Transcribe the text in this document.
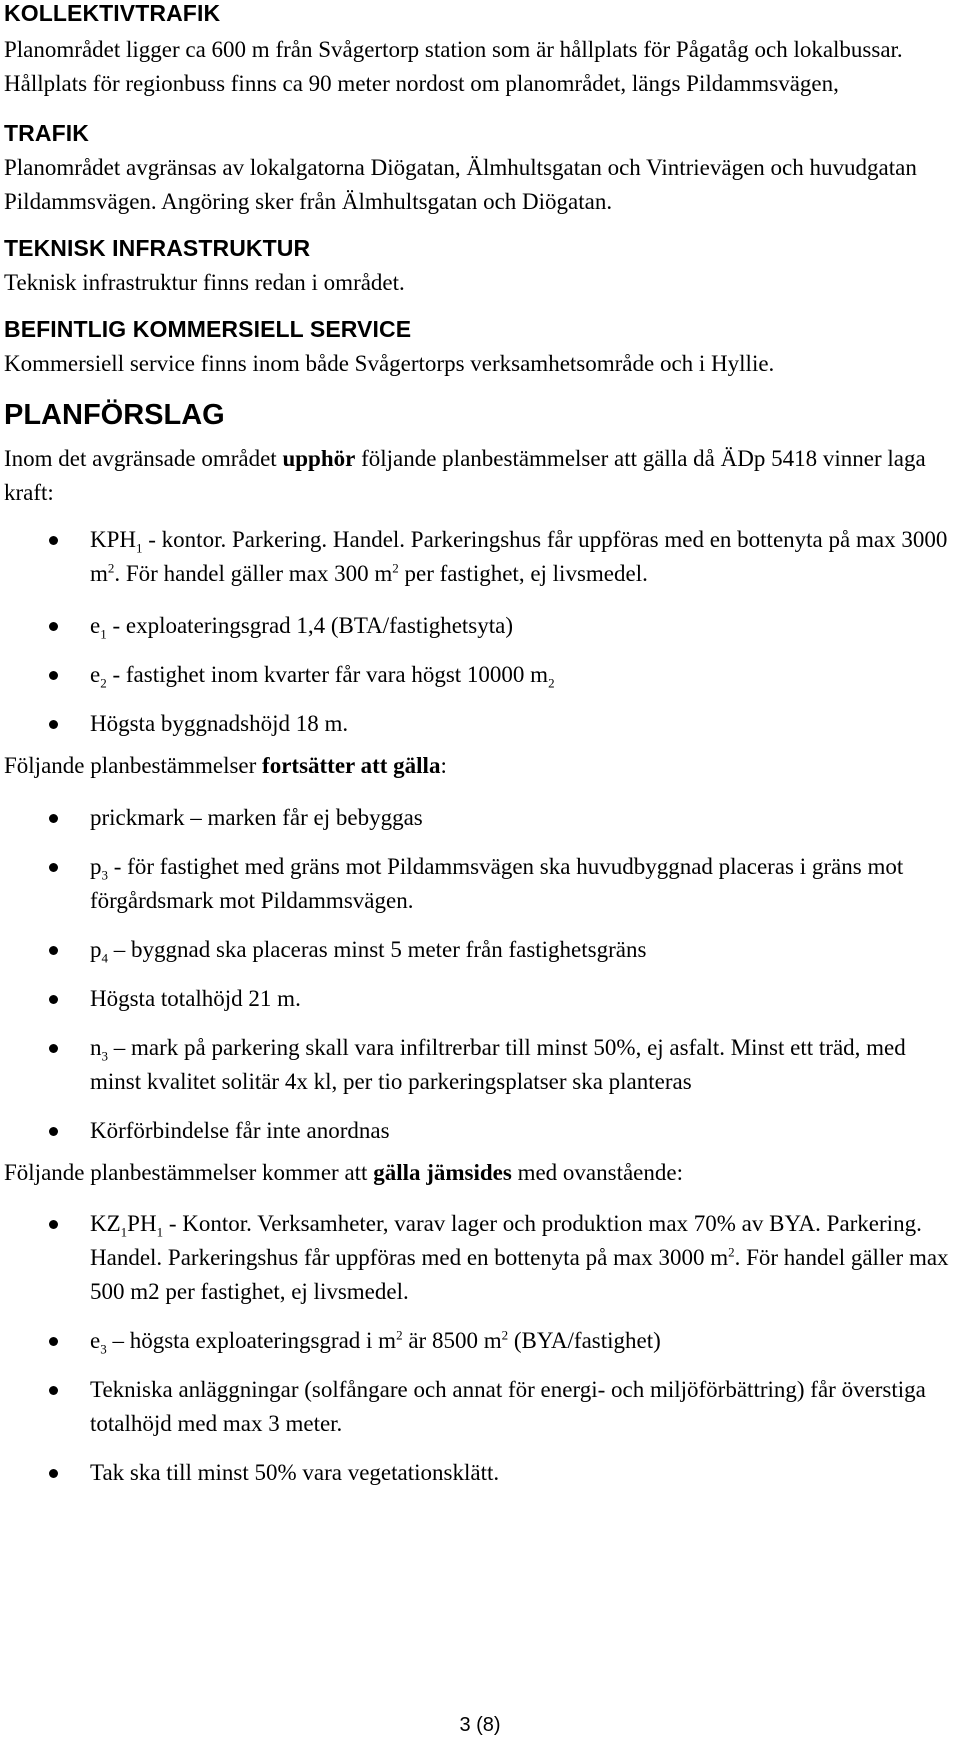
KOLLEKTIVTRAFIK

Planområdet ligger ca 600 m från Svågertorp station som är hållplats för Pågatåg och lokalbussar. Hållplats för regionbuss finns ca 90 meter nordost om planområdet, längs Pildammsvägen,

TRAFIK

Planområdet avgränsas av lokalgatorna Diögatan, Älmhultsgatan och Vintrievägen och huvudgatan Pildammsvägen. Angöring sker från Älmhultsgatan och Diögatan.

TEKNISK INFRASTRUKTUR

Teknisk infrastruktur finns redan i området.

BEFINTLIG KOMMERSIELL SERVICE

Kommersiell service finns inom både Svågertorps verksamhetsområde och i Hyllie.

PLANFÖRSLAG

Inom det avgränsade området upphör följande planbestämmelser att gälla då ÄDp 5418 vinner laga kraft:

$KPH_1$ - kontor. Parkering. Handel. Parkeringshus får uppföras med en bottenyta på max 3000 $m^2$. För handel gäller max 300 $m^2$ per fastighet, ej livsmedel.
$e_1$ - exploateringsgrad 1,4 (BTA/fastighetsyta)
$e_2$ - fastighet inom kvarter får vara högst 10000 $m_2$
Högsta byggnadshöjd 18 m.

Följande planbestämmelser fortsätter att gälla:

prickmark – marken får ej bebyggas
$p_3$ - för fastighet med gräns mot Pildammsvägen ska huvudbyggnad placeras i gräns mot förgårdsmark mot Pildammsvägen.
$p_4$ – byggnad ska placeras minst 5 meter från fastighetsgräns
Högsta totalhöjd 21 m.
$n_3$ – mark på parkering skall vara infiltrerbar till minst 50%, ej asfalt. Minst ett träd, med minst kvalitet solitär 4x kl, per tio parkeringsplatser ska planteras
Körförbindelse får inte anordnas

Följande planbestämmelser kommer att gälla jämsides med ovanstående:

$KZ_1PH_1$ - Kontor. Verksamheter, varav lager och produktion max 70% av BYA. Parkering. Handel. Parkeringshus får uppföras med en bottenyta på max 3000 $m^2$. För handel gäller max 500 m2 per fastighet, ej livsmedel.
$e_3$ – högsta exploateringsgrad i $m^2$ är 8500 $m^2$ (BYA/fastighet)
Tekniska anläggningar (solfångare och annat för energi- och miljöförbättring) får överstiga totalhöjd med max 3 meter.
Tak ska till minst 50% vara vegetationsklätt.
3 (8)
